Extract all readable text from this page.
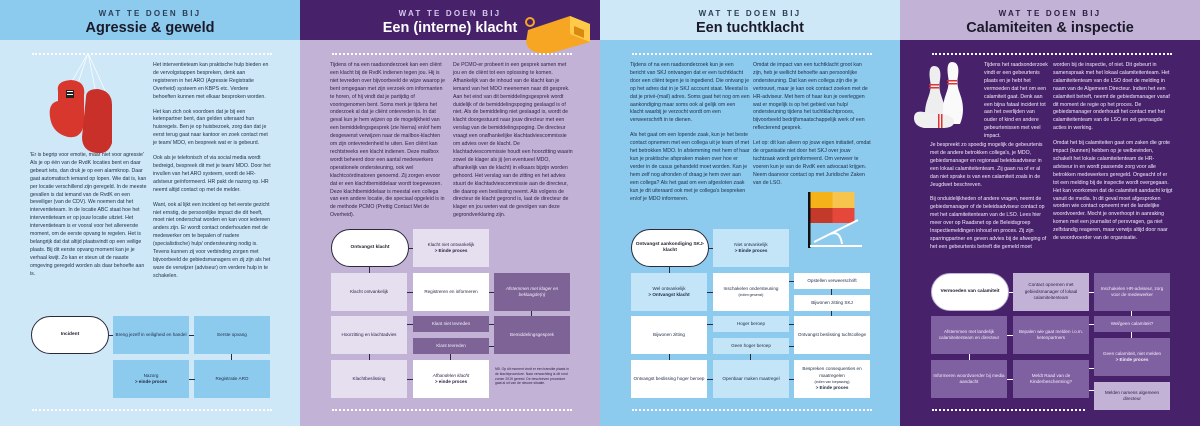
WAT TE DOEN BIJ
Agressie & geweld

Het interventieteam kan praktische hulp bieden en de vervolgstappen bespreken, denk aan registreren in het ARO (Agressie Registratie Overheid) systeem en KBPS etc. Verdere behoeften kunnen met elkaar besproken worden.

Het kan zich ook voordoen dat je bij een ketenpartner bent, dan gelden uiteraard hun huisregels. Ben je op huisbezoek, zorg dan dat je eerst terug gaat naar kantoor en zoek contact met je team/ MDO, en bespreek wat er is gebeurd.

Ook als je telefonisch of via social media wordt bedreigd, bespreek dit met je team/ MDO. Door het invullen van het ARO systeem, wordt de HR-adviseur geïnformeerd. HR pakt de nazorg op. HR neemt altijd contact op met de melder.

Want, ook al lijkt een incident op het eerste gezicht niet ernstig, de persoonlijke impact die dit heeft, moet niet onderschat worden en kan voor iedereen anders zijn. Er wordt contact onderhouden met de medewerker om te bepalen of nadere (specialistische) hulp/ ondersteuning nodig is. Tevens kunnen zij voor verbinding zorgen met bijvoorbeeld de gebiedsmanagers en zij zijn als het ware de verwijzer (adviseur) om verdere hulp in te schakelen.

'Er is begrip voor emotie, maar niet voor agressie' Als je op één van de RvdK locaties bent en daar gebeurt iets, dan druk je op een alarmknop. Daar gaat automatisch iemand op lopen. Wie dat is, kan per locatie verschillend zijn geregeld. In de meeste gevallen is dat iemand van de RvdK en een beveiliger (van de CDV). We noemen dat het interventieteam. In de locatie ABC staat hoe het interventieteam er op jouw locatie uitziet. Het interventieteam is er vooral voor het allereerste moment, om de eerste opvang te regelen. Het is belangrijk dat dat altijd plaatsvindt op een veilige plaats. Bij dit eerste opvang moment kan je je verhaal kwijt. Zo kan er steun uit de naaste omgeving geregeld worden als daar behoefte aan is.

Incident	Breng jezelf in veiligheid en handel	Eerste opvang
Registratie ARO
Nazorg
> einde proces
WAT TE DOEN BIJ
Een (interne) klacht

Tijdens of na een raadsonderzoek kan een cliënt een klacht bij de RvdK indienen tegen jou. Hij is niet tevreden over bijvoorbeeld de wijze waarop je bent omgegaan met zijn verzoek om informanten te horen, of hij vindt dat je partijdig of vooringenomen bent. Soms merk je tijdens het onderzoek al dat je cliënt ontevreden is. In dat geval kun je hem wijzen op de mogelijkheid van een bemiddelingsgesprek (zie hierna) en/of hem desgewenst verwijzen naar de mailbox-klachten om zijn ontevredenheid te uiten. Een cliënt kan rechtstreeks een klacht indienen. Deze mailbox wordt beheerd door een aantal medewerkers operationele ondersteuning, ook wel klachtcoördinatoren genoemd. Zij zorgen ervoor dat er een klachtbemiddelaar wordt toegewezen. Deze klachtbemiddelaar is meestal een collega van een andere locatie, die speciaal opgeleid is in de methode PCMO (Prettig Contact Met de Overheid).

De PCMO-er probeert in een gesprek samen met jou en de cliënt tot een oplossing te komen. Afhankelijk van de inhoud van de klacht kan je iemand van het MDO meenemen naar dit gesprek. Aan het eind van dit bemiddelingsgesprek wordt duidelijk of de bemiddelingspoging geslaagd is of niet. Als de bemiddeling niet geslaagd is, wordt de klacht doorgestuurd naar jouw directeur met een verslag van de bemiddelingspoging. De directeur vraagt een onafhankelijke klachtadviescommissie om advies over de klacht. De klachtadviescommissie houdt een hoorzitting waarin zowel de klager als jij (en eventueel MDO, afhankelijk van de klacht) in elkaars bijzijn worden gehoord. Het verslag van de zitting en het advies stuurt de klachtadviescommissie aan de directeur, die daarop een beslissing neemt. Als volgens de directeur de klacht gegrond is, laat de directeur de klager en jou weten wat de gevolgen van deze gegrondverklaring zijn.

Ontvangst klacht
Klacht niet ontvankelijk
> Einde proces
Klacht ontvankelijk	Registreren en informeren
Afstemmen met klager en beklaagde(n)
Bemiddelingsgesprek
Klant niet tevreden
Klant tevreden
Hoorzitting en klachtadvies
Klachtbeslissing
Afhandelen klacht
> einde proces
NB. Op dit moment vindt er een transitie plaats in de klachtprocedure. Naar verwachting is dit rond zomer 2019 gereed. De beschreven procedure gaat al uit van de nieuwe situatie.
WAT TE DOEN BIJ
Een tuchtklacht

Tijdens of na een raadsonderzoek kun je een bericht van SKJ ontvangen dat er een tuchtklacht door een cliënt tegen je is ingediend. Die ontvang je op het adres dat in je SKJ account staat. Meestal is dat je privé-(mail) adres. Soms gaat het nog om een aankondiging maar soms ook al gelijk om een klacht waarbij je verzocht wordt om een verweerschrift in te dienen.

Als het gaat om een lopende zaak, kun je het beste contact opnemen met een collega uit je team of met het betrokken MDO. In afstemming met hem of haar kun je praktische afspraken maken over hoe er verder in de casus gehandeld moet worden. Kan je hem zelf nog afronden of draag je hem over aan een collega? Als het gaat om een afgesloten zaak kun je dit uiteraard ook met je collega's bespreken en/of je MDO informeren.

Omdat de impact van een tuchtklacht groot kan zijn, heb je wellicht behoefte aan persoonlijke ondersteuning. Dat kan een collega zijn die je vertrouwt, maar je kan ook contact zoeken met de HR-adviseur. Met hem of haar kun je overleggen wat er mogelijk is op het gebied van hulp/ ondersteuning tijdens het tuchtklachtproces, bijvoorbeeld bedrijfsmaatschappelijk werk of een reflecterend gesprek.

Let op: dit kan alleen op jouw eigen initiatief, omdat de organisatie niet door het SKJ over jouw tuchtzaak wordt geïnformeerd. Om verweer te voeren kun je van de RvdK een advocaat krijgen. Neem daarvoor contact op met Juridische Zaken van de LSO.

Ontvangst aankondiging SKJ-klacht
Niet ontvankelijk
> Einde proces
Wel ontvankelijk
> Ontvangst klacht
Inschakelen ondersteuning
(indien gewenst)
Opstellen verweerschrift
Bijwonen zitting SKJ
Ontvangst beslissing tuchtcollege
Hoger beroep
Geen hoger beroep
Bijwonen zitting
Ontvangst beslissing hoger beroep	Openbaar maken maatregel
Bespreken consequenties en maatregelen
(indien van toepassing)
> Einde proces
WAT TE DOEN BIJ
Calamiteiten & inspectie
Tijdens het raadsonderzoek vindt er een gebeurtenis plaats en je hebt het vermoeden dat het om een calamiteit gaat. Denk aan een bijna fataal incident tot aan het overlijden van ouder of kind en andere gebeurtenissen met veel impact.

Je bespreekt zo spoedig mogelijk de gebeurtenis met de andere betrokken collega's, je MDO, gebiedsmanager en regionaal beleidsadviseur in een lokaal calamiteitenteam. Zij gaan na of er al dan niet sprake is van een calamiteit zoals in de Jeugdwet beschreven.

Bij onduidelijkheden of andere vragen, neemt de gebiedsmanager of de beleidsadviseur contact op met het calamiteitenteam van de LSO. Lees hier meer over op Raadsnet op de Beleidsgroep Inspectiemeldingen inhoud en proces. Zij zijn sparringpartner en geven advies bij de afweging of het een gebeurtenis betreft die gemeld moet

worden bij de inspectie, of niet. Dit gebeurt in samenspraak met het lokaal calamiteitenteam. Het calamiteitenteam van de LSO doet de melding in naam van de Algemeen Directeur. Indien het een calamiteit betreft, neemt de gebiedsmanager vanaf dit moment de regie op het proces. De gebiedsmanager onderhoudt het contact met het calamiteitenteam van de LSO en zet gevraagde acties in werking.

Omdat het bij calamiteiten gaat om zaken die grote impact (kunnen) hebben op je welbevinden, schakelt het lokale calamiteitenteam de HR-adviseur in en wordt passende zorg voor alle betrokken medewerkers geregeld. Ongeacht of er tot een melding bij de inspectie wordt overgegaan. Het kan voorkomen dat de calamiteit aandacht krijgt vanuit de media. In dit geval moet afgesproken worden wie contact opneemt met de landelijke woordvoerder. Mocht je onverhoopt in aanraking komen met een journalist of persvragen, ga niet zelfstandig reageren, maar verwijs altijd door naar de woordvoerder van de organisatie.

Vermoeden van calamiteit
Contact opnemen met gebiedsmanager of lokaal calamiteitenteam
Inschakelen HR-adviseur, zorg voor de medewerker
Wel/geen calamiteit?
Bepalen wie gaat melden i.o.m. ketenpartners
Afstemmen met landelijk calamiteitenteam en directeur
Geen calamiteit, niet melden
> Einde proces
Informeren woordvoerder bij media aandacht
Meldt Raad van de Kinderbescherming?
Melden namens algemeen directeur
